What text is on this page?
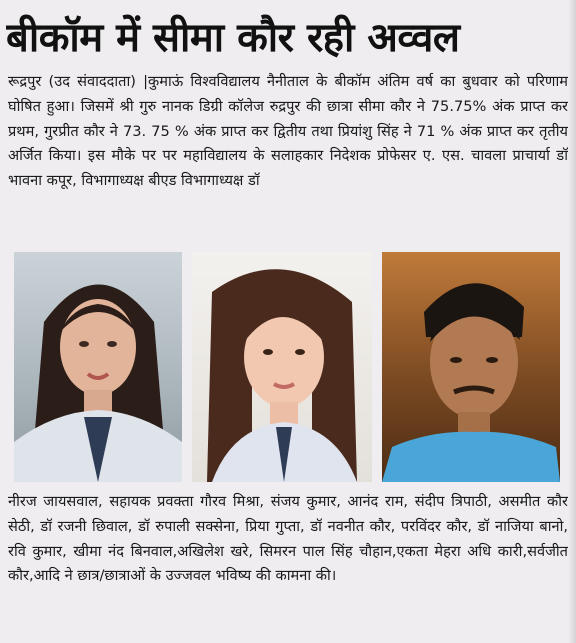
बीकॉम में सीमा कौर रही अव्वल
रूद्रपुर (उद संवाददाता) |कुमाऊं विश्वविद्यालय नैनीताल के बीकॉम अंतिम वर्ष का बुधवार को परिणाम घोषित हुआ। जिसमें श्री गुरु नानक डिग्री कॉलेज रुद्रपुर की छात्रा सीमा कौर ने 75.75% अंक प्राप्त कर प्रथम, गुरप्रीत कौर ने 73. 75 % अंक प्राप्त कर द्वितीय तथा प्रियांशु सिंह ने 71 % अंक प्राप्त कर तृतीय अर्जित किया। इस मौके पर पर महाविद्यालय के सलाहकार निदेशक प्रोफेसर ए. एस. चावला प्राचार्या डॉ भावना कपूर, विभागाध्यक्ष बीएड विभागाध्यक्ष डॉ
नीरज जायसवाल, सहायक प्रवक्ता गौरव मिश्रा, संजय कुमार, आनंद राम, संदीप त्रिपाठी, असमीत कौर सेठी, डॉ रजनी छिवाल, डॉ रुपाली सक्सेना, प्रिया गुप्ता, डॉ नवनीत कौर, परविंदर कौर, डॉ नाजिया बानो, रवि कुमार, खीमा नंद बिनवाल,अखिलेश खरे, सिमरन पाल सिंह चौहान,एकता मेहरा अधि कारी,सर्वजीत कौर,आदि ने छात्र/छात्राओं के उज्जवल भविष्य की कामना की।
